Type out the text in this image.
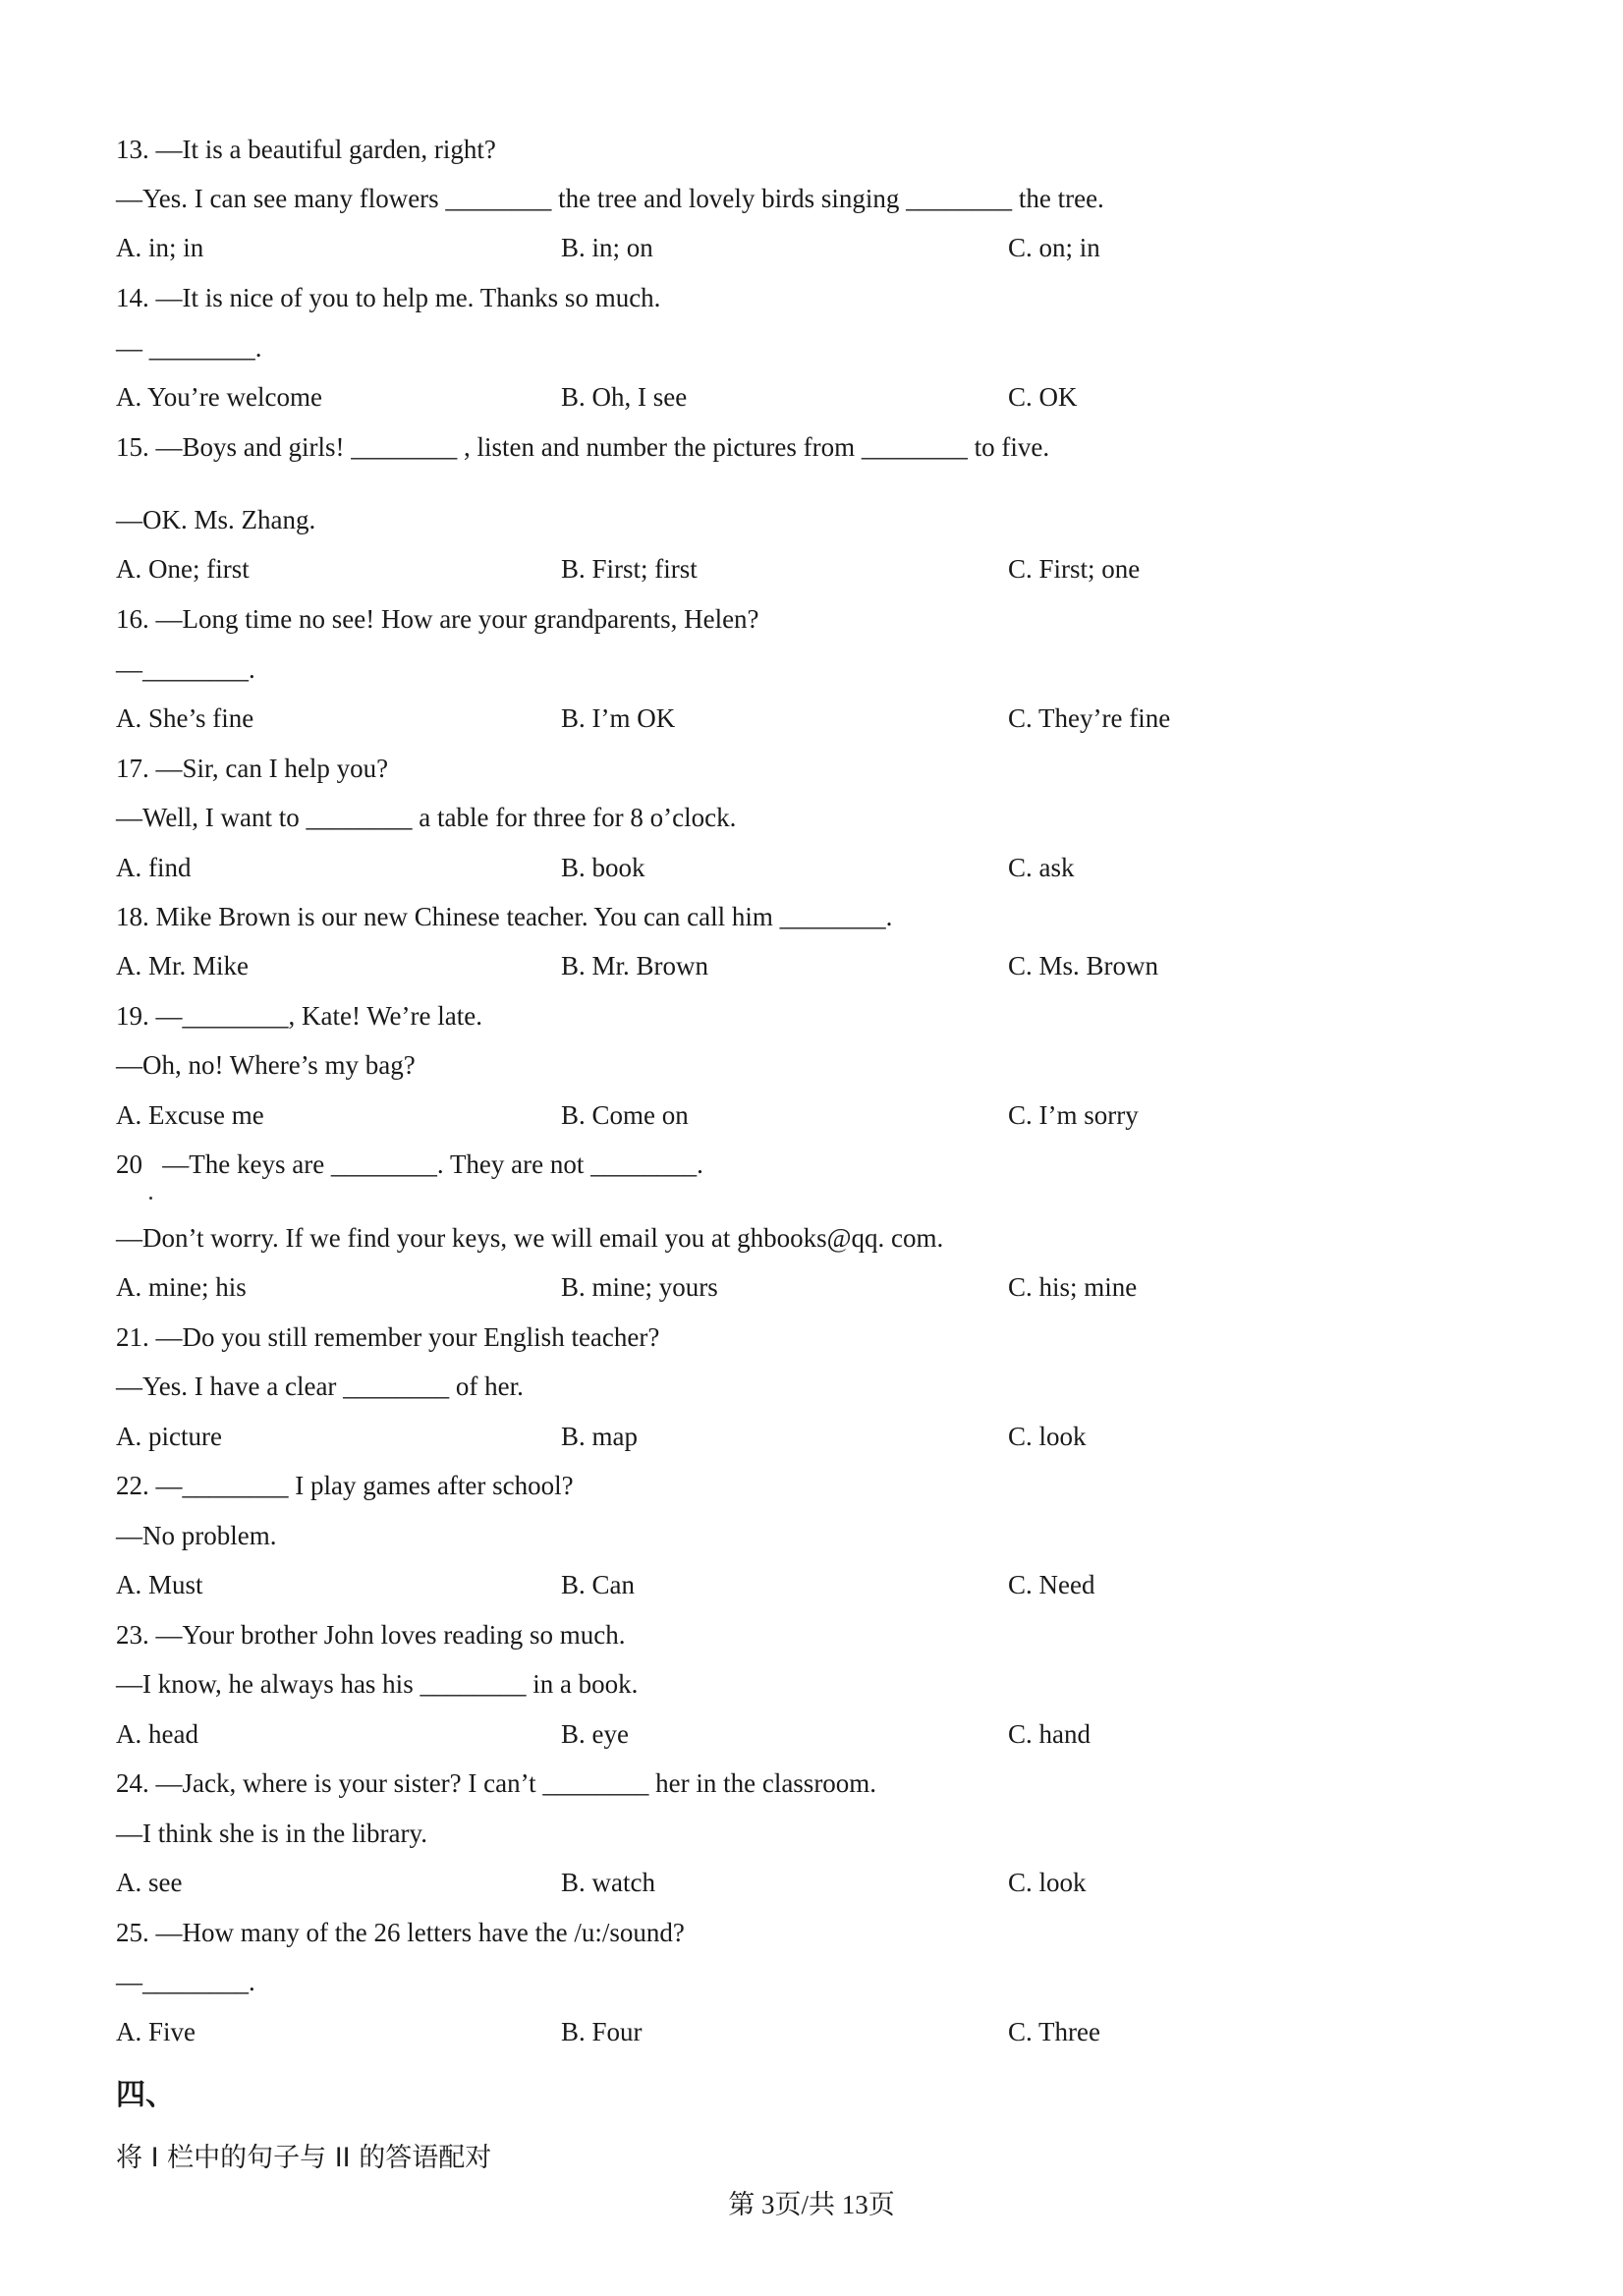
13. —It is a beautiful garden, right?
—Yes. I can see many flowers ________ the tree and lovely birds singing ________ the tree.
A. in; in	B. in; on	C. on; in
14. —It is nice of you to help me. Thanks so much.
— ________.
A. You’re welcome	B. Oh, I see	C. OK
15. —Boys and girls! ________ , listen and number the pictures from ________ to five.
—OK. Ms. Zhang.
A. One; first	B. First; first	C. First; one
16. —Long time no see! How are your grandparents, Helen?
—________.
A. She’s fine	B. I’m OK	C. They’re fine
17. —Sir, can I help you?
—Well, I want to ________ a table for three for 8 o’clock.
A. find	B. book	C. ask
18. Mike Brown is our new Chinese teacher. You can call him ________.
A. Mr. Mike	B. Mr. Brown	C. Ms. Brown
19. —________, Kate! We’re late.
—Oh, no! Where’s my bag?
A. Excuse me	B. Come on	C. I’m sorry
20   —The keys are ________. They are not ________.
—Don’t worry. If we find your keys, we will email you at ghbooks@qq. com.
A. mine; his	B. mine; yours	C. his; mine
21. —Do you still remember your English teacher?
—Yes. I have a clear ________ of her.
A. picture	B. map	C. look
22. —________ I play games after school?
—No problem.
A. Must	B. Can	C. Need
23. —Your brother John loves reading so much.
—I know, he always has his ________ in a book.
A. head	B. eye	C. hand
24. —Jack, where is your sister? I can’t ________ her in the classroom.
—I think she is in the library.
A. see	B. watch	C. look
25. —How many of the 26 letters have the /u:/sound?
—________.
A. Five	B. Four	C. Three
四、
将 I 栏中的句子与 II 的答语配对
第 3页/共 13页
